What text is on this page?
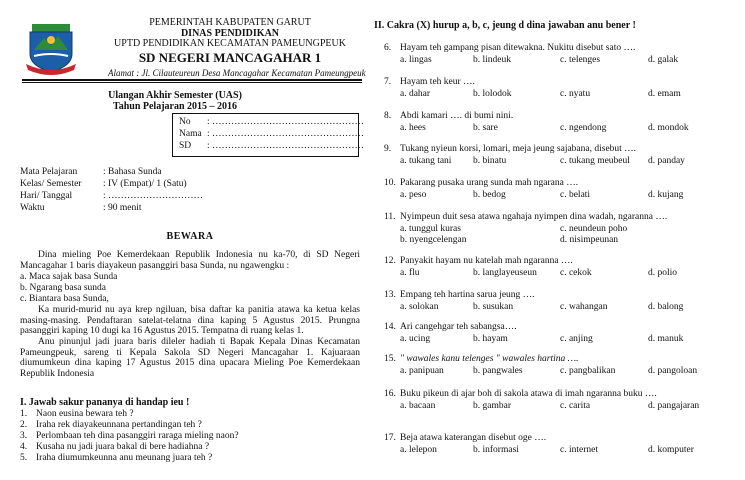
PEMERINTAH KABUPATEN GARUT
DINAS PENDIDIKAN
UPTD PENDIDIKAN KECAMATAN PAMEUNGPEUK
SD NEGERI MANCAGAHAR 1
Alamat : Jl. Cilauteureun Desa Mancagahar Kecamatan Pameungpeuk
Ulangan Akhir Semester (UAS)
Tahun Pelajaran 2015 – 2016
No : …………………………………………
Nama : …………………………………………
SD : …………………………………………
Mata Pelajaran	: Bahasa Sunda
Kelas/ Semester : IV (Empat)/ 1 (Satu)
Hari/ Tanggal	: …………………………
Waktu	: 90 menit
BEWARA
Dina mieling Poe Kemerdekaan Republik Indonesia nu ka-70, di SD Negeri Mancagahar 1 baris diayakeun pasanggiri basa Sunda, nu ngawengku :
a. Maca sajak basa Sunda
b. Ngarang basa sunda
c. Biantara basa Sunda,
Ka murid-murid nu aya krep ngiluan, bisa daftar ka panitia atawa ka ketua kelas masing-masing. Pendaftaran satelat-telatna dina kaping 5 Agustus 2015. Prungna pasanggiri kaping 10 dugi ka 16 Agustus 2015. Tempatna di ruang kelas 1.
Anu pinunjul jadi juara baris dileler hadiah ti Bapak Kepala Dinas Kecamatan Pameungpeuk, sareng ti Kepala Sakola SD Negeri Mancagahar 1. Kajuaraan diumumkeun dina kaping 17 Agustus 2015 dina upacara Mieling Poe Kemerdekaan Republik Indonesia
I. Jawab sakur pananya di handap ieu !
1. Naon eusina bewara teh ?
2. Iraha rek diayakeunnana pertandingan teh ?
3. Perlombaan teh dina pasanggiri raraga mieling naon?
4. Kusaha nu jadi juara bakal di bere hadiahna ?
5. Iraha diumumkeunna anu meunang juara teh ?
II. Cakra (X) hurup a, b, c, jeung d dina jawaban anu bener !
6. Hayam teh gampang pisan ditewakna. Nukitu disebut sato ….
a. lingas	b. lindeuk	c. telenges	d. galak
7. Hayam teh keur ….
a. dahar	b. lolodok	c. nyatu	d. emam
8. Abdi kamari …. di bumi nini.
a. hees	b. sare	c. ngendong	d. mondok
9. Tukang nyieun korsi, lomari, meja jeung sajabana, disebut ….
a. tukang tani b. binatu	c. tukang meubeul d. panday
10. Pakarang pusaka urang sunda mah ngarana ….
a. peso	b. bedog	c. belati	d. kujang
11. Nyimpeun duit sesa atawa ngahaja nyimpen dina wadah, ngaranna ….
a. tunggul kuras	c. neundeun poho
b. nyengcelengan	d. nisimpeunan
12. Panyakit hayam nu katelah mah ngaranna ….
a. flu	b. langlayeuseun c. cekok	d. polio
13. Empang teh hartina sarua jeung ….
a. solokan	b. susukan	c. wahangan	d. balong
14. Ari cangehgar teh sabangsa….
a. ucing	b. hayam	c. anjing	d. manuk
15. " wawales kanu telenges " wawales hartina ….
a. panipuan	b. pangwales	c. pangbalikan	d. pangoloan
16. Buku pikeun di ajar boh di sakola atawa di imah ngaranna buku ….
a. bacaan	b. gambar	c. carita	d. pangajaran
17. Beja atawa katerangan disebut oge ….
a. lelepon	b. informasi	c. internet	d. komputer
